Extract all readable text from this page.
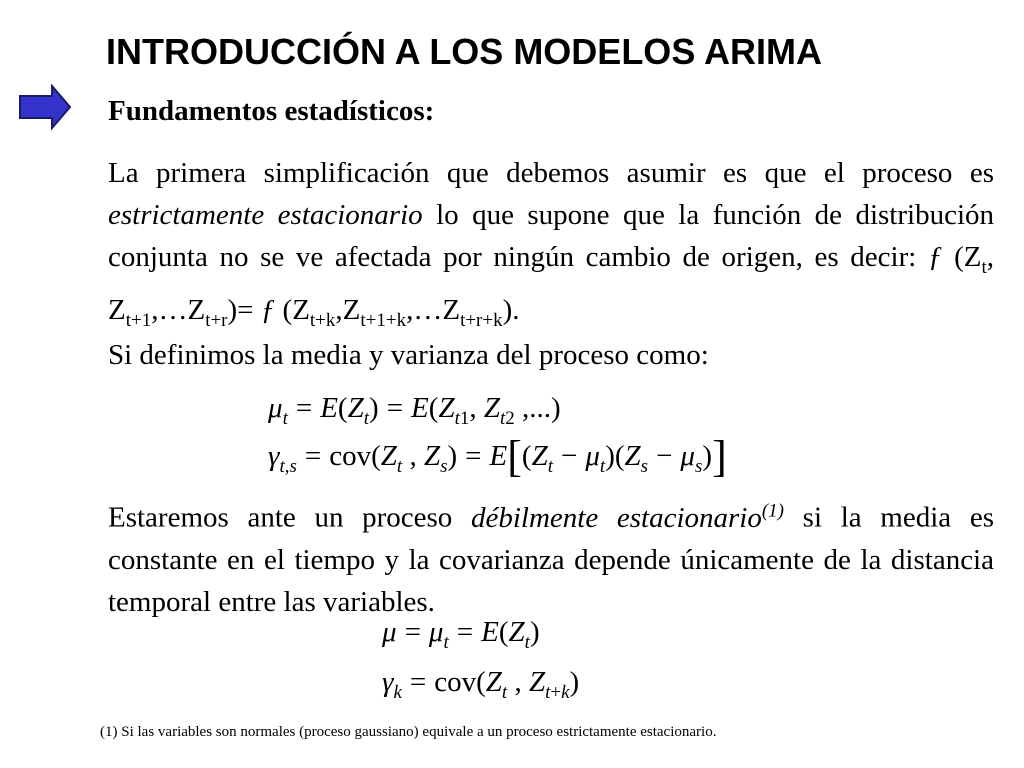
INTRODUCCIÓN A LOS MODELOS ARIMA
Fundamentos estadísticos:
La primera simplificación que debemos asumir es que el proceso es estrictamente estacionario lo que supone que la función de distribución conjunta no se ve afectada por ningún cambio de origen, es decir: ƒ ($Z_t$, $Z_{t+1},\dots Z_{t+r})=$ ƒ $(Z_{t+k},Z_{t+1+k},\dots Z_{t+r+k})$.
Si definimos la media y varianza del proceso como:
$\mu_t = E(Z_t) = E(Z_{t1}$, $Z_{t2}$ ,...)
$\gamma_{t,s} = cov(Z_t$ , $Z_s) = E[(Z_t - \mu_t)(Z_s - \mu_s)]$
Estaremos ante un proceso débilmente estacionario$^{(1)}$ si la media es constante en el tiempo y la covarianza depende únicamente de la distancia temporal entre las variables.
$\mu = \mu_t = E(Z_t)$
$\gamma_k = cov(Z_t$ , $Z_{t+k}$)
(1) Si las variables son normales (proceso gaussiano) equivale a un proceso estrictamente estacionario.
